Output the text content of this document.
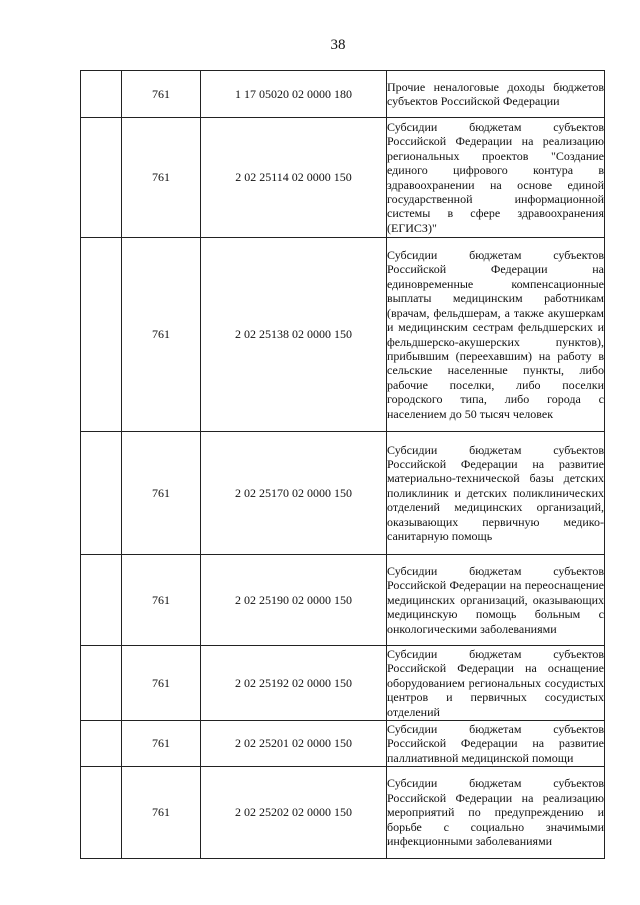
38
	761	1 17 05020 02 0000 180	Прочие неналоговые доходы бюджетов субъектов Российской Федерации
	761	2 02 25114 02 0000 150	Субсидии бюджетам субъектов Российской Федерации на реализацию региональных проектов "Создание единого цифрового контура в здравоохранении на основе единой государственной информационной системы в сфере здравоохранения (ЕГИСЗ)"
	761	2 02 25138 02 0000 150	Субсидии бюджетам субъектов Российской Федерации на единовременные компенсационные выплаты медицинским работникам (врачам, фельдшерам, а также акушеркам и медицинским сестрам фельдшерских и фельдшерско-акушерских пунктов), прибывшим (переехавшим) на работу в сельские населенные пункты, либо рабочие поселки, либо поселки городского типа, либо города с населением до 50 тысяч человек
	761	2 02 25170 02 0000 150	Субсидии бюджетам субъектов Российской Федерации на развитие материально-технической базы детских поликлиник и детских поликлинических отделений медицинских организаций, оказывающих первичную медико-санитарную помощь
	761	2 02 25190 02 0000 150	Субсидии бюджетам субъектов Российской Федерации на переоснащение медицинских организаций, оказывающих медицинскую помощь больным с онкологическими заболеваниями
	761	2 02 25192 02 0000 150	Субсидии бюджетам субъектов Российской Федерации на оснащение оборудованием региональных сосудистых центров и первичных сосудистых отделений
	761	2 02 25201 02 0000 150	Субсидии бюджетам субъектов Российской Федерации на развитие паллиативной медицинской помощи
	761	2 02 25202 02 0000 150	Субсидии бюджетам субъектов Российской Федерации на реализацию мероприятий по предупреждению и борьбе с социально значимыми инфекционными заболеваниями
